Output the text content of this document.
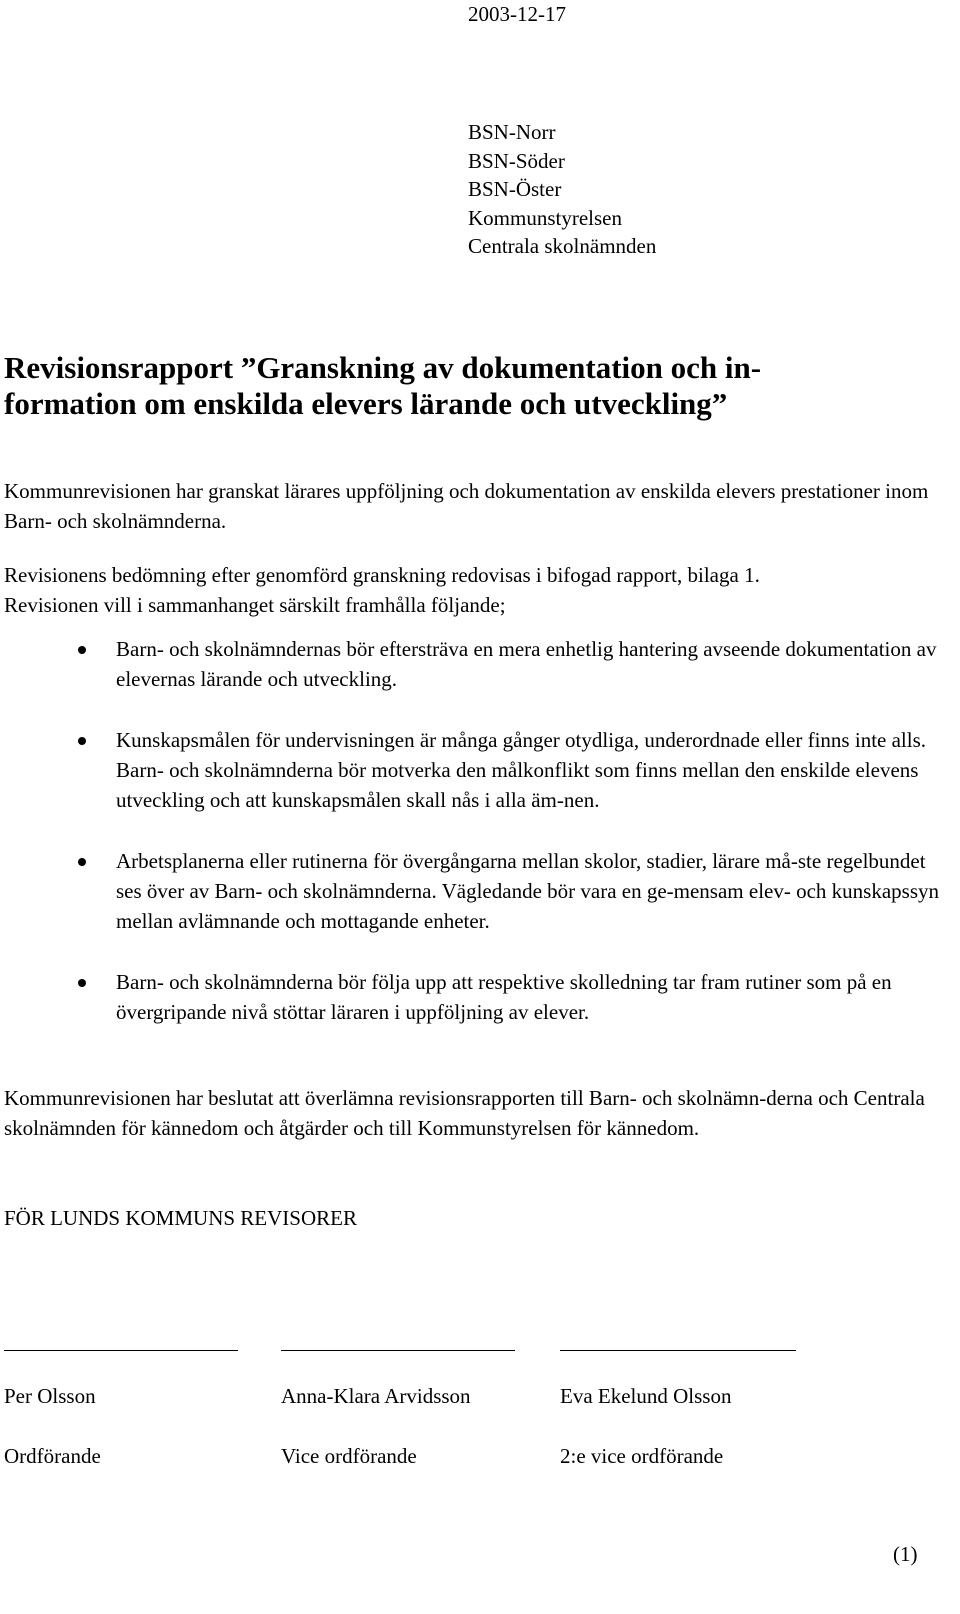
2003-12-17
BSN-Norr
BSN-Söder
BSN-Öster
Kommunstyrelsen
Centrala skolnämnden
Revisionsrapport ”Granskning av dokumentation och in-
formation om enskilda elevers lärande och utveckling”
Kommunrevisionen har granskat lärares uppföljning och dokumentation av enskilda elevers prestationer inom Barn- och skolnämnderna.
Revisionens bedömning efter genomförd granskning redovisas i bifogad rapport, bilaga 1.
Revisionen vill i sammanhanget särskilt framhålla följande;
Barn- och skolnämndernas bör eftersträva en mera enhetlig hantering avseende dokumentation av elevernas lärande och utveckling.
Kunskapsmålen för undervisningen är många gånger otydliga, underordnade eller finns inte alls. Barn- och skolnämnderna bör motverka den målkonflikt som finns mellan den enskilde elevens utveckling och att kunskapsmålen skall nås i alla äm-nen.
Arbetsplanerna eller rutinerna för övergångarna mellan skolor, stadier, lärare må-ste regelbundet ses över av Barn- och skolnämnderna. Vägledande bör vara en ge-mensam elev- och kunskapssyn mellan avlämnande och mottagande enheter.
Barn- och skolnämnderna bör följa upp att respektive skolledning tar fram rutiner som på en övergripande nivå stöttar läraren i uppföljning av elever.
Kommunrevisionen har beslutat att överlämna revisionsrapporten till Barn- och skolnämn-derna och Centrala skolnämnden för kännedom och åtgärder och till Kommunstyrelsen för kännedom.
FÖR LUNDS KOMMUNS REVISORER
Per Olsson	Anna-Klara Arvidsson	Eva Ekelund Olsson
Ordförande	Vice ordförande	2:e vice ordförande
(1)
